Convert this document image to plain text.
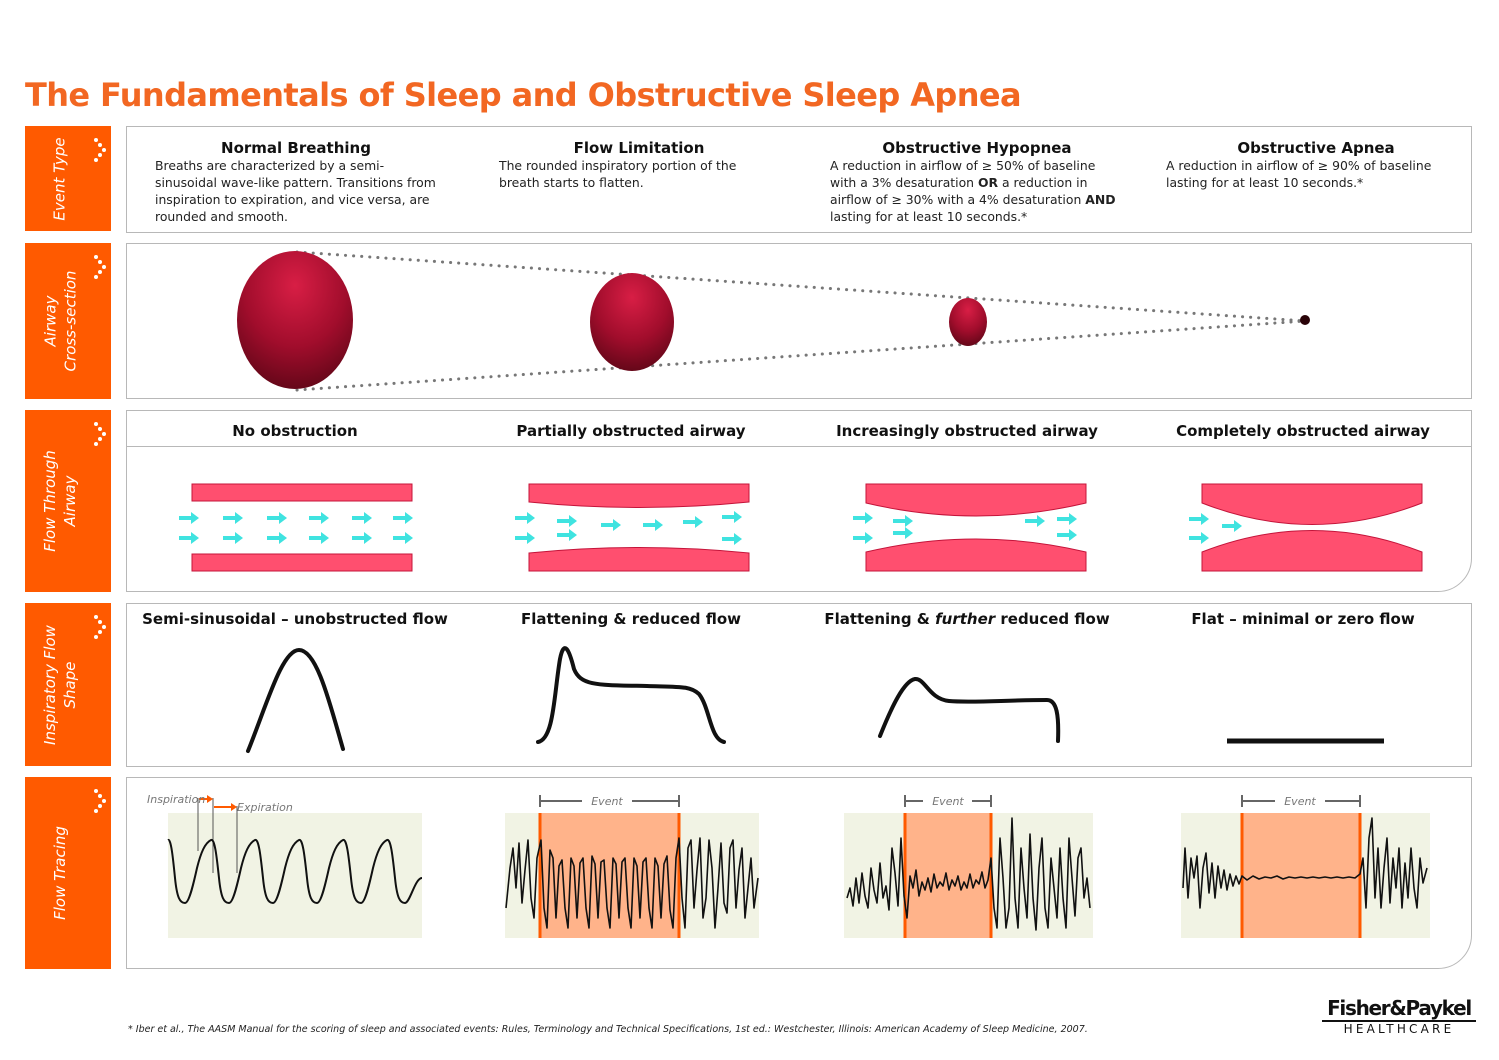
The Fundamentals of Sleep and Obstructive Sleep Apnea
Event Type
Airway Cross-section
Flow Through Airway
Inspiratory Flow Shape
Flow Tracing
Normal Breathing
Breaths are characterized by a semi-sinusoidal wave-like pattern. Transitions from inspiration to expiration, and vice versa, are rounded and smooth.
Flow Limitation
The rounded inspiratory portion of the breath starts to flatten.
Obstructive Hypopnea
A reduction in airflow of ≥ 50% of baseline with a 3% desaturation OR a reduction in airflow of ≥ 30% with a 4% desaturation AND lasting for at least 10 seconds.*
Obstructive Apnea
A reduction in airflow of ≥ 90% of baseline lasting for at least 10 seconds.*
No obstruction	Partially obstructed airway	Increasingly obstructed airway	Completely obstructed airway
Semi-sinusoidal – unobstructed flow	Flattening & reduced flow	Flattening & further reduced flow	Flat – minimal or zero flow
Inspiration
Expiration	Event	Event	Event
* Iber et al., The AASM Manual for the scoring of sleep and associated events: Rules, Terminology and Technical Specifications, 1st ed.: Westchester, Illinois: American Academy of Sleep Medicine, 2007.
Fisher&Paykel
HEALTHCARE
